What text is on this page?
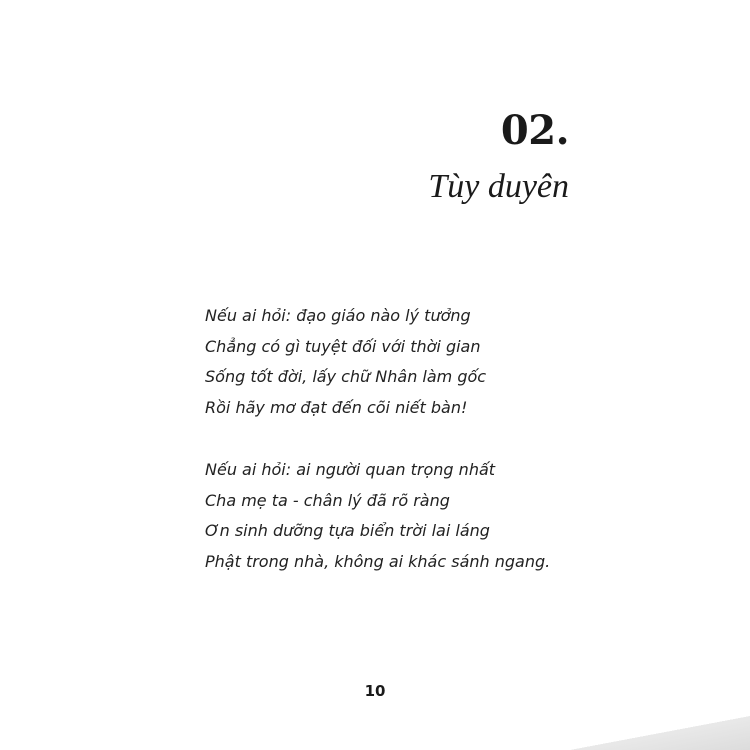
02.
Tùy duyên
Nếu ai hỏi: đạo giáo nào lý tưởng
Chẳng có gì tuyệt đối với thời gian
Sống tốt đời, lấy chữ Nhân làm gốc
Rồi hãy mơ đạt đến cõi niết bàn!
Nếu ai hỏi: ai người quan trọng nhất
Cha mẹ ta - chân lý đã rõ ràng
Ơn sinh dưỡng tựa biển trời lai láng
Phật trong nhà, không ai khác sánh ngang.
10
